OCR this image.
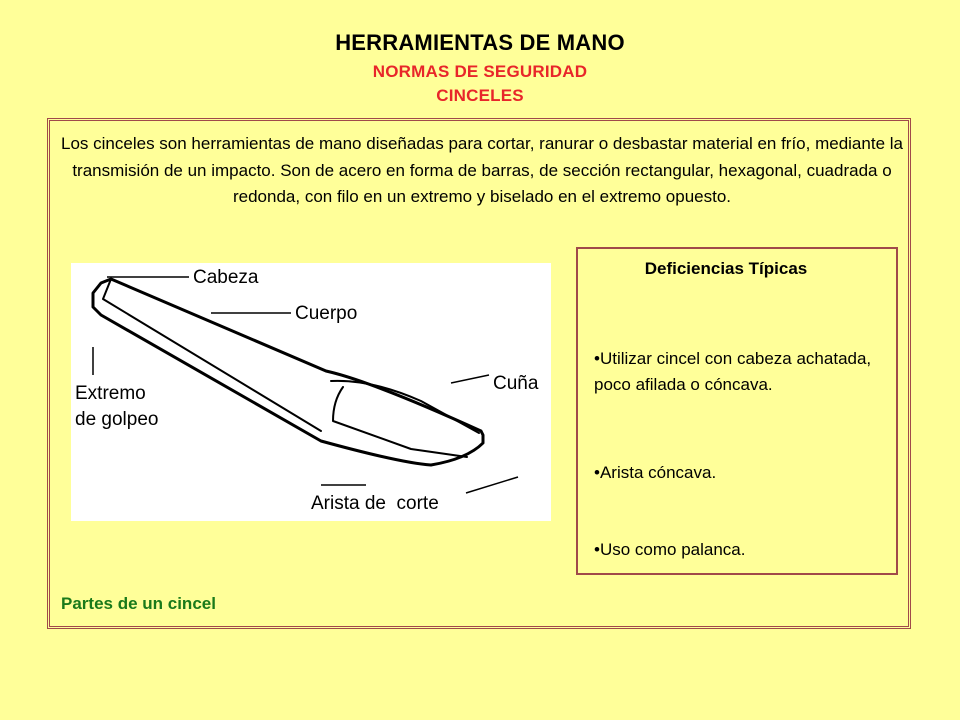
HERRAMIENTAS DE MANO
NORMAS DE SEGURIDAD
CINCELES
Los cinceles son herramientas de mano diseñadas para cortar, ranurar o desbastar material en frío, mediante la transmisión de un impacto. Son de acero en forma de barras, de sección rectangular, hexagonal, cuadrada o redonda, con filo en un extremo y biselado en el extremo opuesto.
Cabeza
Cuerpo
Extremo
de golpeo
Cuña
Arista de  corte
Partes de un cincel
Deficiencias Típicas
•Utilizar cincel con cabeza achatada, poco afilada o cóncava.
•Arista cóncava.
•Uso como palanca.
